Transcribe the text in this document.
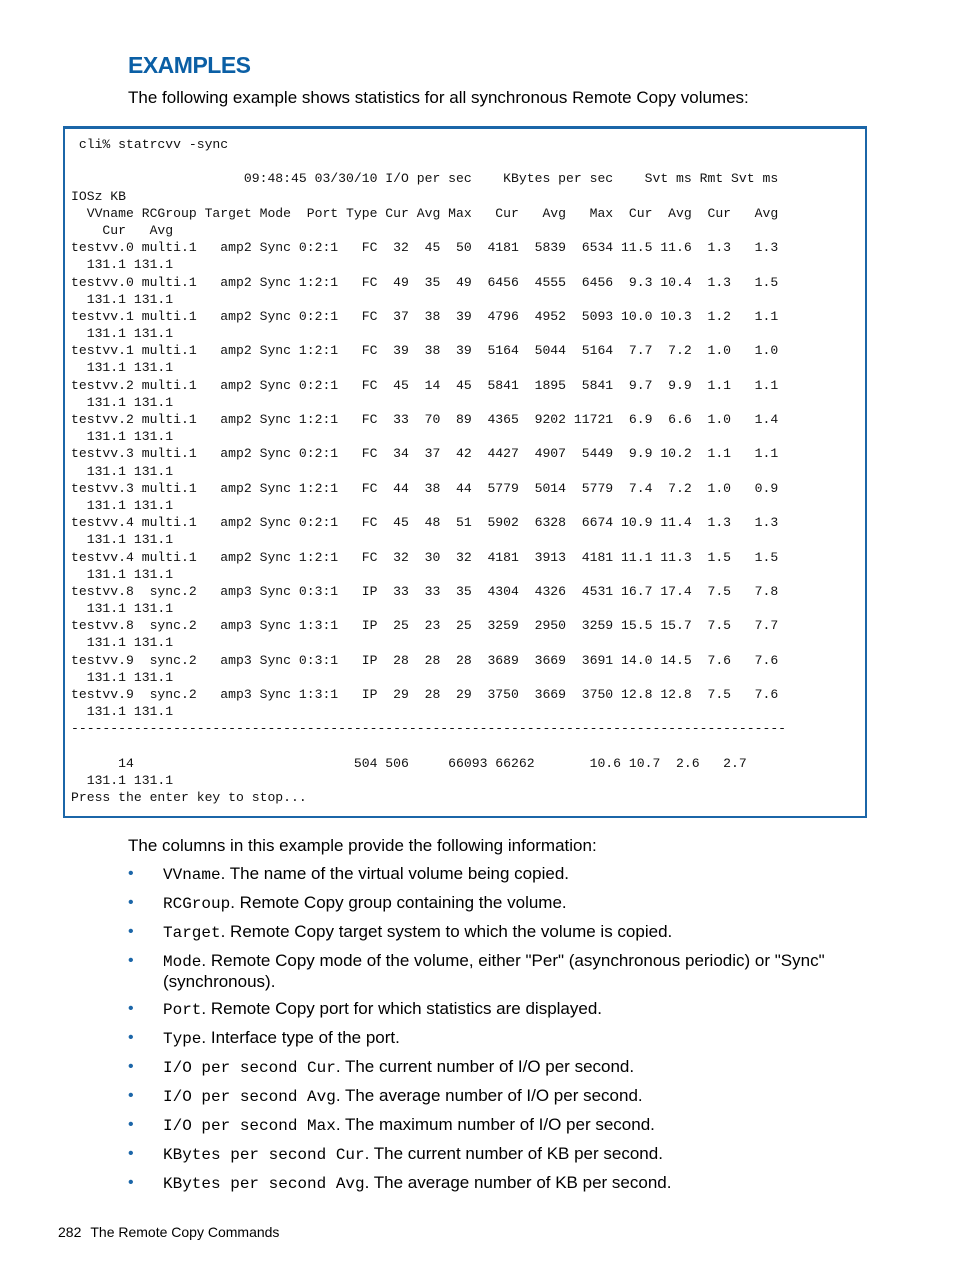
EXAMPLES

The following example shows statistics for all synchronous Remote Copy volumes:

cli% statrcvv -sync
09:48:45 03/30/10 I/O per sec    KBytes per sec    Svt ms Rmt Svt ms
IOSz KB
VVname RCGroup Target Mode  Port Type Cur Avg Max   Cur   Avg   Max  Cur  Avg  Cur   Avg
Cur   Avg
testvv.0 multi.1   amp2 Sync 0:2:1   FC  32  45  50  4181  5839  6534 11.5 11.6  1.3   1.3
131.1 131.1
testvv.0 multi.1   amp2 Sync 1:2:1   FC  49  35  49  6456  4555  6456  9.3 10.4  1.3   1.5
131.1 131.1
testvv.1 multi.1   amp2 Sync 0:2:1   FC  37  38  39  4796  4952  5093 10.0 10.3  1.2   1.1
131.1 131.1
testvv.1 multi.1   amp2 Sync 1:2:1   FC  39  38  39  5164  5044  5164  7.7  7.2  1.0   1.0
131.1 131.1
testvv.2 multi.1   amp2 Sync 0:2:1   FC  45  14  45  5841  1895  5841  9.7  9.9  1.1   1.1
131.1 131.1
testvv.2 multi.1   amp2 Sync 1:2:1   FC  33  70  89  4365  9202 11721  6.9  6.6  1.0   1.4
131.1 131.1
testvv.3 multi.1   amp2 Sync 0:2:1   FC  34  37  42  4427  4907  5449  9.9 10.2  1.1   1.1
131.1 131.1
testvv.3 multi.1   amp2 Sync 1:2:1   FC  44  38  44  5779  5014  5779  7.4  7.2  1.0   0.9
131.1 131.1
testvv.4 multi.1   amp2 Sync 0:2:1   FC  45  48  51  5902  6328  6674 10.9 11.4  1.3   1.3
131.1 131.1
testvv.4 multi.1   amp2 Sync 1:2:1   FC  32  30  32  4181  3913  4181 11.1 11.3  1.5   1.5
131.1 131.1
testvv.8  sync.2   amp3 Sync 0:3:1   IP  33  33  35  4304  4326  4531 16.7 17.4  7.5   7.8
131.1 131.1
testvv.8  sync.2   amp3 Sync 1:3:1   IP  25  23  25  3259  2950  3259 15.5 15.7  7.5   7.7
131.1 131.1
testvv.9  sync.2   amp3 Sync 0:3:1   IP  28  28  28  3689  3669  3691 14.0 14.5  7.6   7.6
131.1 131.1
testvv.9  sync.2   amp3 Sync 1:3:1   IP  29  28  29  3750  3669  3750 12.8 12.8  7.5   7.6
131.1 131.1
-------------------------------------------------------------------------------------------
14                            504 506     66093 66262       10.6 10.7  2.6   2.7
131.1 131.1
Press the enter key to stop...

The columns in this example provide the following information:

• VVname. The name of the virtual volume being copied.
• RCGroup. Remote Copy group containing the volume.
• Target. Remote Copy target system to which the volume is copied.
• Mode. Remote Copy mode of the volume, either "Per" (asynchronous periodic) or "Sync" (synchronous).
• Port. Remote Copy port for which statistics are displayed.
• Type. Interface type of the port.
• I/O per second Cur. The current number of I/O per second.
• I/O per second Avg. The average number of I/O per second.
• I/O per second Max. The maximum number of I/O per second.
• KBytes per second Cur. The current number of KB per second.
• KBytes per second Avg. The average number of KB per second.
282 The Remote Copy Commands
